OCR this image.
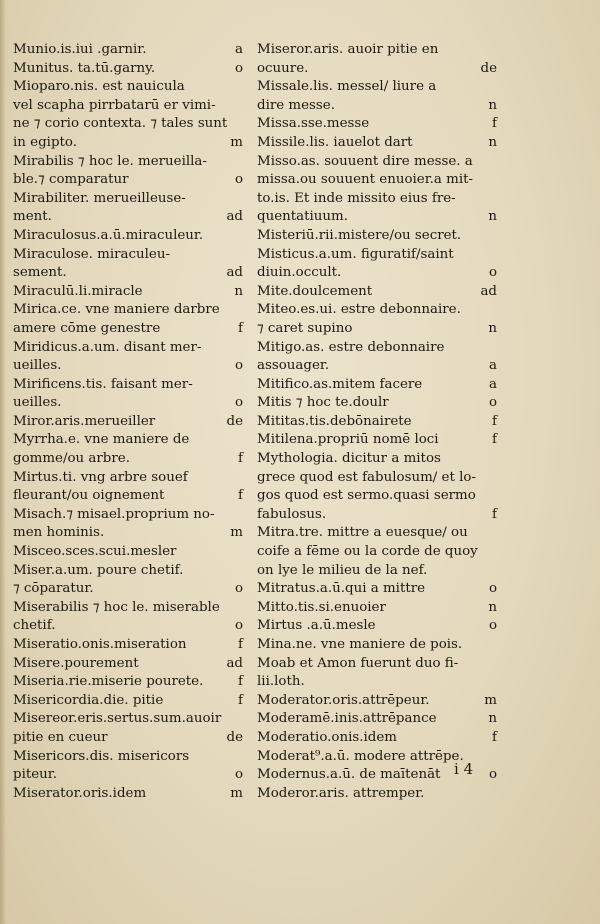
Munio.is.iui .garnir.	a
Munitus. ta.tū.garny.	o
Mioparo.nis. est nauicula
vel scapha pirrbatarū er vimi-
ne ⁊ corio contexta. ⁊ tales sunt
in egipto.	m
Mirabilis ⁊ hoc le. merueilla-
ble.⁊ comparatur	o
Mirabiliter. merueilleuse-
ment.	ad
Miraculosus.a.ū.miraculeur.
Miraculose. miraculeu-
sement.	ad
Miraculū.li.miracle	n
Mirica.ce. vne maniere darbre
amere cōme genestre	f
Miridicus.a.um. disant mer-
ueilles.	o
Mirificens.tis. faisant mer-
ueilles.	o
Miror.aris.merueiller	de
Myrrha.e. vne maniere de
gomme/ou arbre.	f
Mirtus.ti. vng arbre souef
fleurant/ou oignement	f
Misach.⁊ misael.proprium no-
men hominis.	m
Misceo.sces.scui.mesler
Miser.a.um. poure chetif.
⁊ cōparatur.	o
Miserabilis ⁊ hoc le. miserable
chetif.	o
Miseratio.onis.miseration	f
Misere.pourement	ad
Miseria.rie.miserie pourete.	f
Misericordia.die. pitie	f
Misereor.eris.sertus.sum.auoir
pitie en cueur	de
Misericors.dis. misericors
piteur.	o
Miserator.oris.idem	m
Miseror.aris. auoir pitie en
ocuure.	de
Missale.lis. messel/ liure a
dire messe.	n
Missa.sse.messe	f
Missile.lis. iauelot dart	n
Misso.as. souuent dire messe. a
missa.ou souuent enuoier.a mit-
to.is. Et inde missito eius fre-
quentatiuum.	n
Misteriū.rii.mistere/ou secret.
Misticus.a.um. figuratif/saint
diuin.occult.	o
Mite.doulcement	ad
Miteo.es.ui. estre debonnaire.
⁊ caret supino	n
Mitigo.as. estre debonnaire
assouager.	a
Mitifico.as.mitem facere	a
Mitis ⁊ hoc te.doulr	o
Mititas.tis.debōnairete	f
Mitilena.propriū nomē loci	f
Mythologia. dicitur a mitos
grece quod est fabulosum/ et lo-
gos quod est sermo.quasi sermo
fabulosus.	f
Mitra.tre. mittre a euesque/ ou
coife a fēme ou la corde de quoy
on lye le milieu de la nef.
Mitratus.a.ū.qui a mittre	o
Mitto.tis.si.enuoier	n
Mirtus .a.ū.mesle	o
Mina.ne. vne maniere de pois.
Moab et Amon fuerunt duo fi-
lii.loth.
Moderator.oris.attrēpeur.	m
Moderamē.inis.attrēpance	n
Moderatio.onis.idem	f
Moderat⁹.a.ū. modere attrēpe.
Modernus.a.ū. de maītenāt	o
Moderor.aris. attremper.
i 4
